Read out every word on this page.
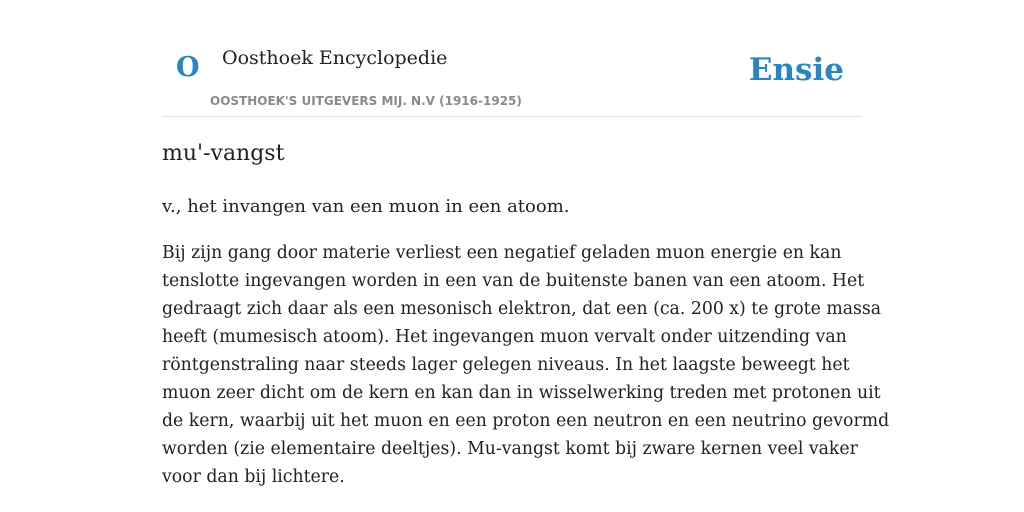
O Oosthoek Encyclopedie
OOSTHOEK'S UITGEVERS MIJ. N.V (1916-1925)
Ensie
mu'-vangst

v., het invangen van een muon in een atoom.

Bij zijn gang door materie verliest een negatief geladen muon energie en kan
tenslotte ingevangen worden in een van de buitenste banen van een atoom. Het
gedraagt zich daar als een mesonisch elektron, dat een (ca. 200 x) te grote massa
heeft (mumesisch atoom). Het ingevangen muon vervalt onder uitzending van
röntgenstraling naar steeds lager gelegen niveaus. In het laagste beweegt het
muon zeer dicht om de kern en kan dan in wisselwerking treden met protonen uit
de kern, waarbij uit het muon en een proton een neutron en een neutrino gevormd
worden (zie elementaire deeltjes). Mu-vangst komt bij zware kernen veel vaker
voor dan bij lichtere.
